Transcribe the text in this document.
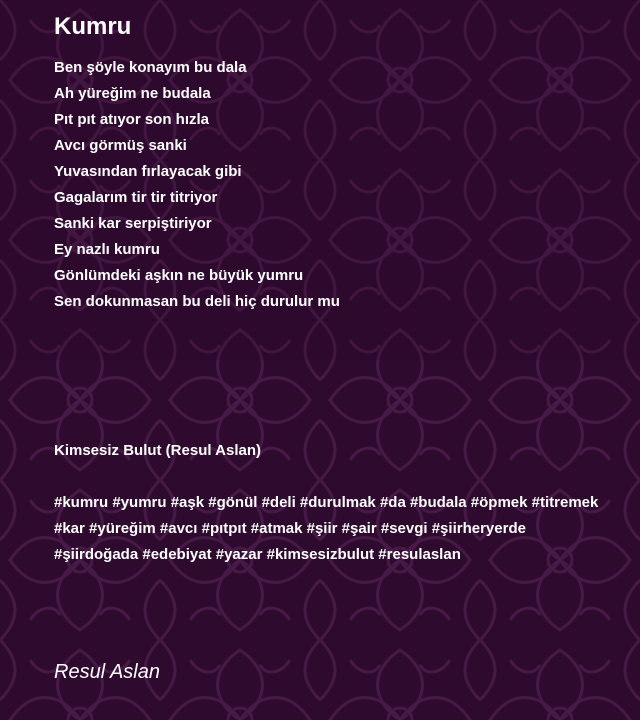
Kumru
Ben şöyle konayım bu dala
Ah yüreğim ne budala
Pıt pıt atıyor son hızla
Avcı görmüş sanki
Yuvasından fırlayacak gibi
Gagalarım tir tir titriyor
Sanki kar serpiştiriyor
Ey nazlı kumru
Gönlümdeki aşkın ne büyük yumru
Sen dokunmasan bu deli hiç durulur mu
Kimsesiz Bulut (Resul Aslan)
#kumru #yumru #aşk #gönül #deli #durulmak #da #budala #öpmek #titremek
#kar #yüreğim #avcı #pıtpıt #atmak #şiir #şair #sevgi #şiirheryerde
#şiirdoğada #edebiyat #yazar #kimsesizbulut #resulaslan
Resul Aslan
